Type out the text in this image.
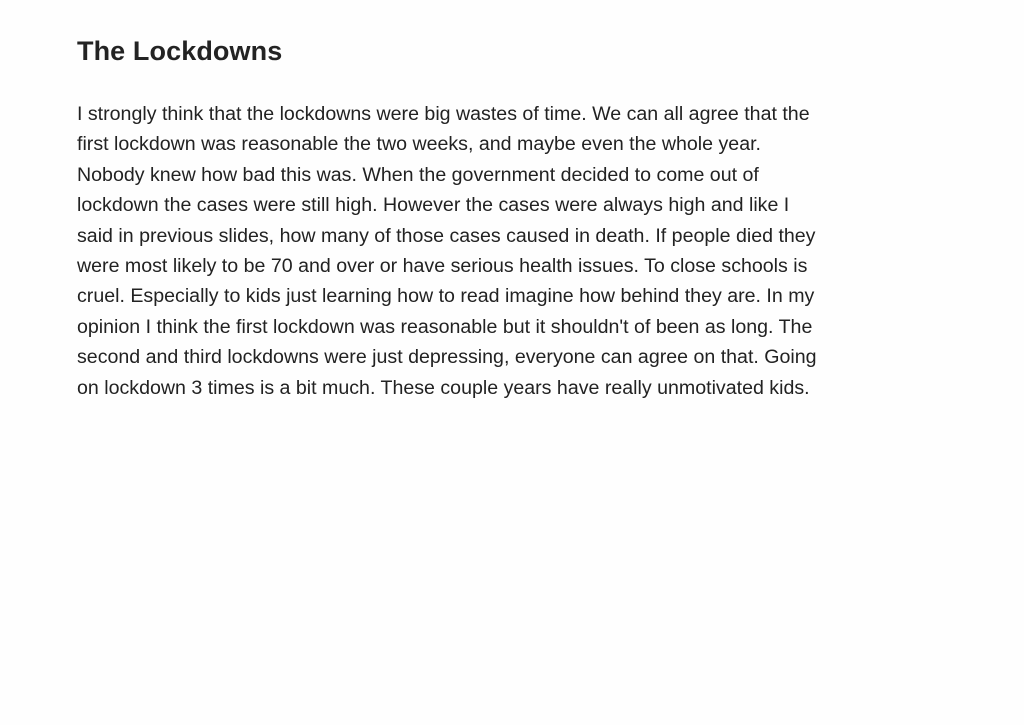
The Lockdowns

I strongly think that the lockdowns were big wastes of time. We can all agree that the
first lockdown was reasonable the two weeks, and maybe even the whole year.
Nobody knew how bad this was. When the government decided to come out of
lockdown the cases were still high. However the cases were always high and like I
said in previous slides, how many of those cases caused in death. If people died they
were most likely to be 70 and over or have serious health issues. To close schools is
cruel. Especially to kids just learning how to read imagine how behind they are. In my
opinion I think the first lockdown was reasonable but it shouldn't of been as long. The
second and third lockdowns were just depressing, everyone can agree on that. Going
on lockdown 3 times is a bit much. These couple years have really unmotivated kids.
